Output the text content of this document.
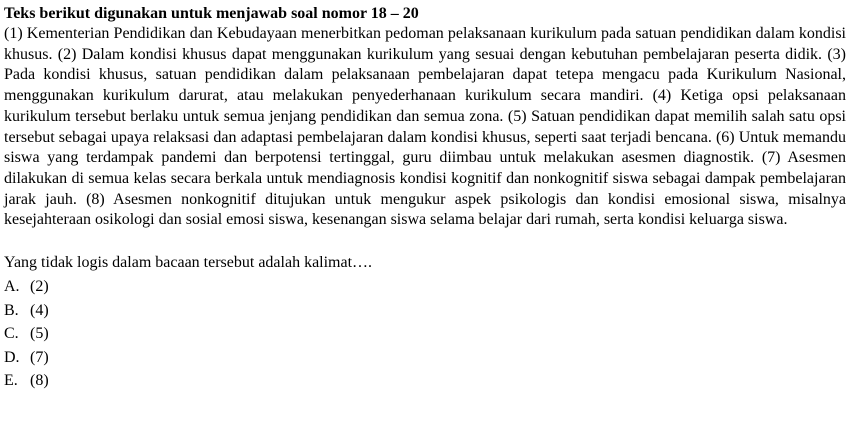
Teks berikut digunakan untuk menjawab soal nomor 18 – 20

(1) Kementerian Pendidikan dan Kebudayaan menerbitkan pedoman pelaksanaan kurikulum pada satuan pendidikan dalam kondisi khusus. (2) Dalam kondisi khusus dapat menggunakan kurikulum yang sesuai dengan kebutuhan pembelajaran peserta didik. (3) Pada kondisi khusus, satuan pendidikan dalam pelaksanaan pembelajaran dapat tetepa mengacu pada Kurikulum Nasional, menggunakan kurikulum darurat, atau melakukan penyederhanaan kurikulum secara mandiri. (4) Ketiga opsi pelaksanaan kurikulum tersebut berlaku untuk semua jenjang pendidikan dan semua zona. (5) Satuan pendidikan dapat memilih salah satu opsi tersebut sebagai upaya relaksasi dan adaptasi pembelajaran dalam kondisi khusus, seperti saat terjadi bencana. (6) Untuk memandu siswa yang terdampak pandemi dan berpotensi tertinggal, guru diimbau untuk melakukan asesmen diagnostik. (7) Asesmen dilakukan di semua kelas secara berkala untuk mendiagnosis kondisi kognitif dan nonkognitif siswa sebagai dampak pembelajaran jarak jauh. (8) Asesmen nonkognitif ditujukan untuk mengukur aspek psikologis dan kondisi emosional siswa, misalnya kesejahteraan osikologi dan sosial emosi siswa, kesenangan siswa selama belajar dari rumah, serta kondisi keluarga siswa.

Yang tidak logis dalam bacaan tersebut adalah kalimat….

A. (2)
B. (4)
C. (5)
D. (7)
E. (8)
